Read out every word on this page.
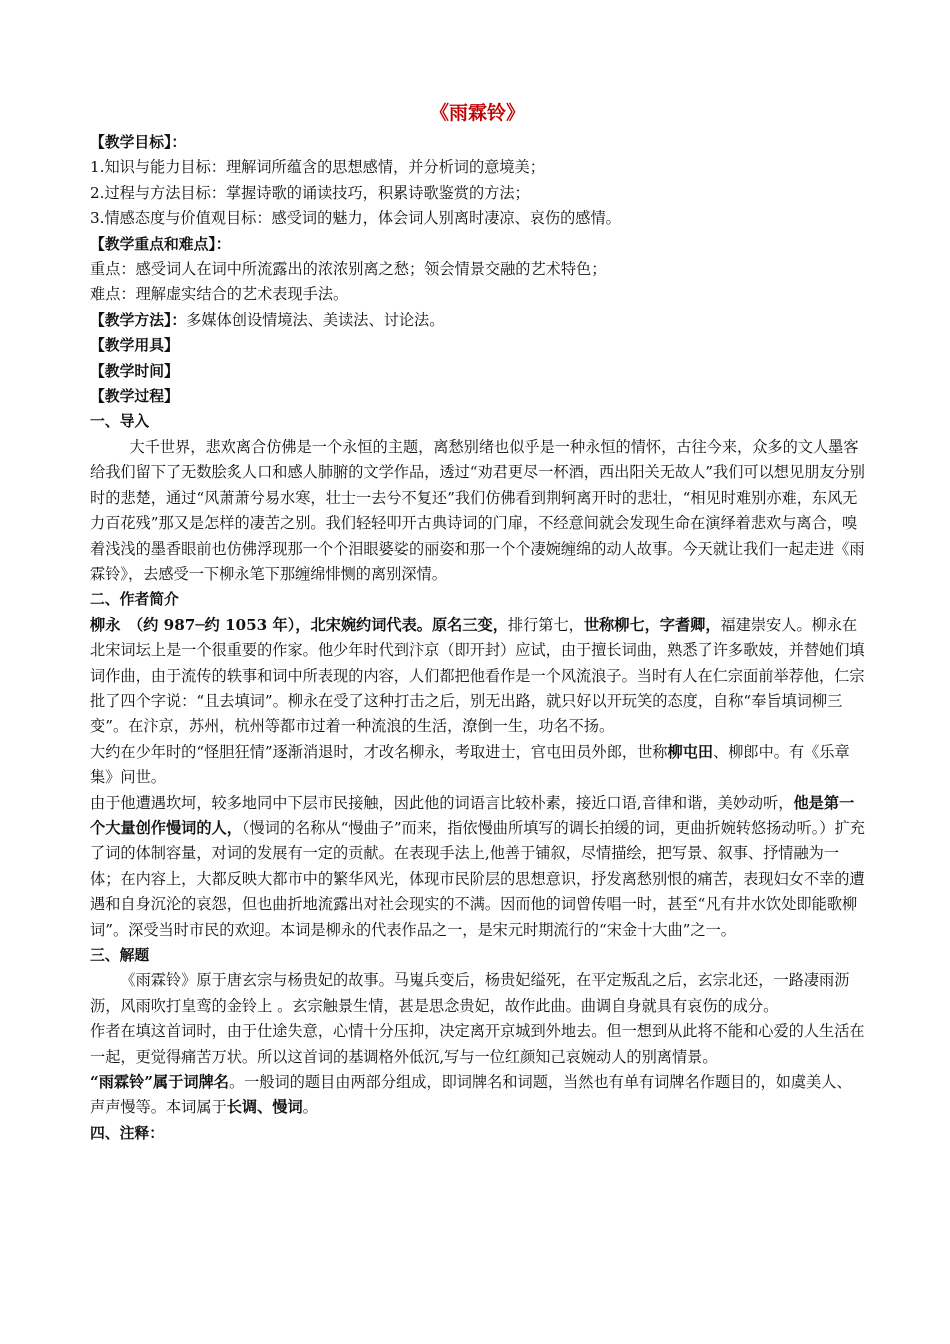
《雨霖铃》

【教学目标】：

1.知识与能力目标：理解词所蕴含的思想感情，并分析词的意境美；

2.过程与方法目标：掌握诗歌的诵读技巧，积累诗歌鉴赏的方法；

3.情感态度与价值观目标：感受词的魅力，体会词人别离时凄凉、哀伤的感情。

【教学重点和难点】：

重点：感受词人在词中所流露出的浓浓别离之愁；领会情景交融的艺术特色；

难点：理解虚实结合的艺术表现手法。

【教学方法】：多媒体创设情境法、美读法、讨论法。

【教学用具】

【教学时间】

【教学过程】

一、导入

大千世界，悲欢离合仿佛是一个永恒的主题，离愁别绪也似乎是一种永恒的情怀，古往今来，众多的文人墨客给我们留下了无数脍炙人口和感人肺腑的文学作品，透过“劝君更尽一杯酒，西出阳关无故人”我们可以想见朋友分别时的悲楚，通过“风萧萧兮易水寒，壮士一去兮不复还”我们仿佛看到荆轲离开时的悲壮，“相见时难别亦难，东风无力百花残”那又是怎样的凄苦之别。我们轻轻叩开古典诗词的门扉，不经意间就会发现生命在演绎着悲欢与离合，嗅着浅浅的墨香眼前也仿佛浮现那一个个泪眼婆娑的丽姿和那一个个凄婉缠绵的动人故事。今天就让我们一起走进《雨霖铃》，去感受一下柳永笔下那缠绵悱恻的离别深情。

二、作者简介

柳永　（约 987─约 1053 年），北宋婉约词代表。原名三变，排行第七，世称柳七，字耆卿，福建崇安人。柳永在北宋词坛上是一个很重要的作家。他少年时代到汴京（即开封）应试，由于擅长词曲，熟悉了许多歌妓，并替她们填词作曲，由于流传的轶事和词中所表现的内容，人们都把他看作是一个风流浪子。当时有人在仁宗面前举荐他，仁宗批了四个字说：“且去填词”。柳永在受了这种打击之后，别无出路，就只好以开玩笑的态度，自称“奉旨填词柳三变”。在汴京，苏州，杭州等都市过着一种流浪的生活，潦倒一生，功名不扬。

大约在少年时的“怪胆狂情”逐渐消退时，才改名柳永，考取进士，官屯田员外郎，世称柳屯田、柳郎中。有《乐章集》问世。

由于他遭遇坎坷，较多地同中下层市民接触，因此他的词语言比较朴素，接近口语,音律和谐，美妙动听，他是第一个大量创作慢词的人，（慢词的名称从“慢曲子”而来，指依慢曲所填写的调长拍缓的词，更曲折婉转悠扬动听。）扩充了词的体制容量，对词的发展有一定的贡献。在表现手法上,他善于铺叙，尽情描绘，把写景、叙事、抒情融为一体；在内容上，大都反映大都市中的繁华风光，体现市民阶层的思想意识，抒发离愁别恨的痛苦，表现妇女不幸的遭遇和自身沉沦的哀怨，但也曲折地流露出对社会现实的不满。因而他的词曾传唱一时，甚至“凡有井水饮处即能歌柳词”。深受当时市民的欢迎。本词是柳永的代表作品之一，是宋元时期流行的“宋金十大曲”之一。

三、解题

《雨霖铃》原于唐玄宗与杨贵妃的故事。马嵬兵变后，杨贵妃缢死，在平定叛乱之后，玄宗北还，一路凄雨沥沥，风雨吹打皇鸾的金铃上 。玄宗触景生情，甚是思念贵妃，故作此曲。曲调自身就具有哀伤的成分。

作者在填这首词时，由于仕途失意，心情十分压抑，决定离开京城到外地去。但一想到从此将不能和心爱的人生活在一起，更觉得痛苦万状。所以这首词的基调格外低沉,写与一位红颜知己哀婉动人的别离情景。

“雨霖铃”属于词牌名。一般词的题目由两部分组成，即词牌名和词题，当然也有单有词牌名作题目的，如虞美人、声声慢等。本词属于长调、慢词。

四、注释：
